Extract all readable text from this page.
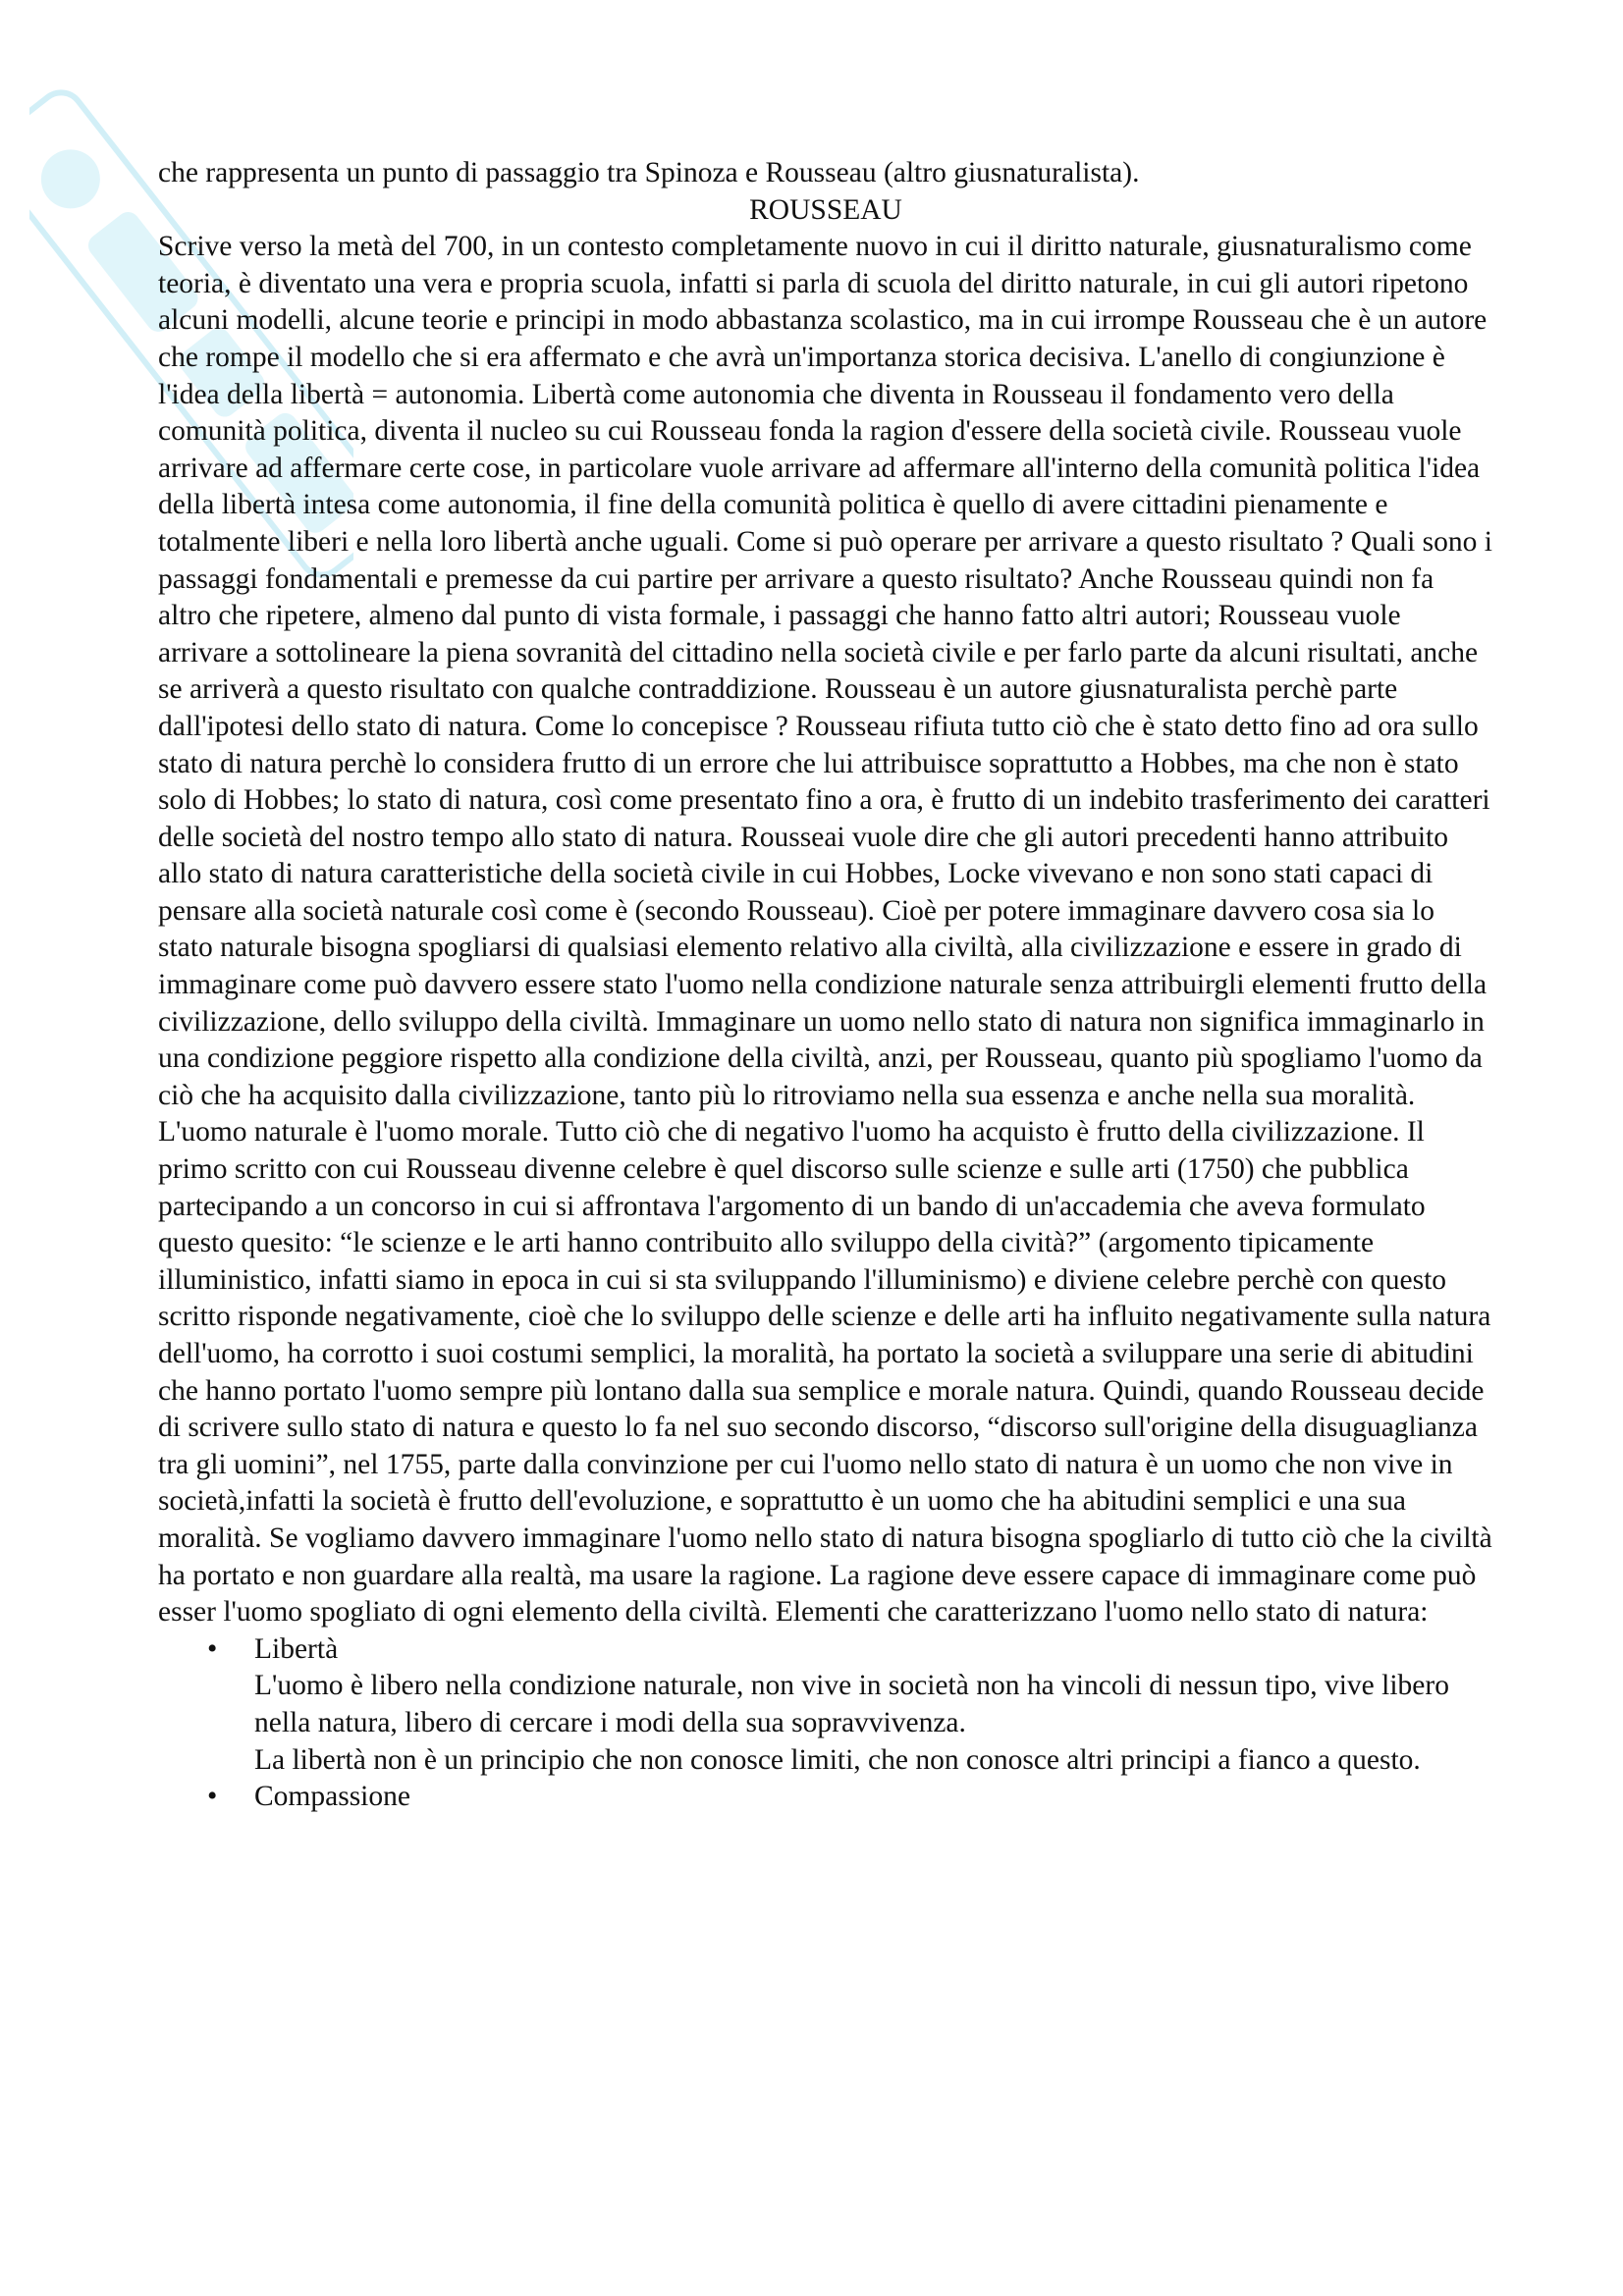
che rappresenta un punto di passaggio tra Spinoza e Rousseau (altro giusnaturalista).

ROUSSEAU

Scrive verso la metà del 700, in un contesto completamente nuovo in cui il diritto naturale, giusnaturalismo come teoria, è diventato una vera e propria scuola, infatti si parla di scuola del diritto naturale, in cui gli autori ripetono alcuni modelli, alcune teorie e principi in modo abbastanza scolastico, ma in cui irrompe Rousseau che è un autore che rompe il modello che si era affermato e che avrà un'importanza storica decisiva. L'anello di congiunzione è l'idea della libertà = autonomia. Libertà come autonomia che diventa in Rousseau il fondamento vero della comunità politica, diventa il nucleo su cui Rousseau fonda la ragion d'essere della società civile. Rousseau vuole arrivare ad affermare certe cose, in particolare vuole arrivare ad affermare all'interno della comunità politica l'idea della libertà intesa come autonomia, il fine della comunità politica è quello di avere cittadini pienamente e totalmente liberi e nella loro libertà anche uguali. Come si può operare per arrivare a questo risultato ? Quali sono i passaggi fondamentali e premesse da cui partire per arrivare a questo risultato? Anche Rousseau quindi non fa altro che ripetere, almeno dal punto di vista formale, i passaggi che hanno fatto altri autori; Rousseau vuole arrivare a sottolineare la piena sovranità del cittadino nella società civile e per farlo parte da alcuni risultati, anche se arriverà a questo risultato con qualche contraddizione. Rousseau è un autore giusnaturalista perchè parte dall'ipotesi dello stato di natura. Come lo concepisce ? Rousseau rifiuta tutto ciò che è stato detto fino ad ora sullo stato di natura perchè lo considera frutto di un errore che lui attribuisce soprattutto a Hobbes, ma che non è stato solo di Hobbes; lo stato di natura, così come presentato fino a ora, è frutto di un indebito trasferimento dei caratteri delle società del nostro tempo allo stato di natura. Rousseai vuole dire che gli autori precedenti hanno attribuito allo stato di natura caratteristiche della società civile in cui Hobbes, Locke vivevano e non sono stati capaci di pensare alla società naturale così come è (secondo Rousseau). Cioè per potere immaginare davvero cosa sia lo stato naturale bisogna spogliarsi di qualsiasi elemento relativo alla civiltà, alla civilizzazione e essere in grado di immaginare come può davvero essere stato l'uomo nella condizione naturale senza attribuirgli elementi frutto della civilizzazione, dello sviluppo della civiltà. Immaginare un uomo nello stato di natura non significa immaginarlo in una condizione peggiore rispetto alla condizione della civiltà, anzi, per Rousseau, quanto più spogliamo l'uomo da ciò che ha acquisito dalla civilizzazione, tanto più lo ritroviamo nella sua essenza e anche nella sua moralità. L'uomo naturale è l'uomo morale. Tutto ciò che di negativo l'uomo ha acquisto è frutto della civilizzazione. Il primo scritto con cui Rousseau divenne celebre è quel discorso sulle scienze e sulle arti (1750) che pubblica partecipando a un concorso in cui si affrontava l'argomento di un bando di un'accademia che aveva formulato questo quesito: “le scienze e le arti hanno contribuito allo sviluppo della cività?” (argomento tipicamente illuministico, infatti siamo in epoca in cui si sta sviluppando l'illuminismo) e diviene celebre perchè con questo scritto risponde negativamente, cioè che lo sviluppo delle scienze e delle arti ha influito negativamente sulla natura dell'uomo, ha corrotto i suoi costumi semplici, la moralità, ha portato la società a sviluppare una serie di abitudini che hanno portato l'uomo sempre più lontano dalla sua semplice e morale natura. Quindi, quando Rousseau decide di scrivere sullo stato di natura e questo lo fa nel suo secondo discorso, “discorso sull'origine della disuguaglianza tra gli uomini”, nel 1755, parte dalla convinzione per cui l'uomo nello stato di natura è un uomo che non vive in società,infatti la società è frutto dell'evoluzione, e soprattutto è un uomo che ha abitudini semplici e una sua moralità. Se vogliamo davvero immaginare l'uomo nello stato di natura bisogna spogliarlo di tutto ciò che la civiltà ha portato e non guardare alla realtà, ma usare la ragione. La ragione deve essere capace di immaginare come può esser l'uomo spogliato di ogni elemento della civiltà. Elementi che caratterizzano l'uomo nello stato di natura:

• Libertà

L'uomo è libero nella condizione naturale, non vive in società non ha vincoli di nessun tipo, vive libero nella natura, libero di cercare i modi della sua sopravvivenza.

La libertà non è un principio che non conosce limiti, che non conosce altri principi a fianco a questo.

• Compassione
